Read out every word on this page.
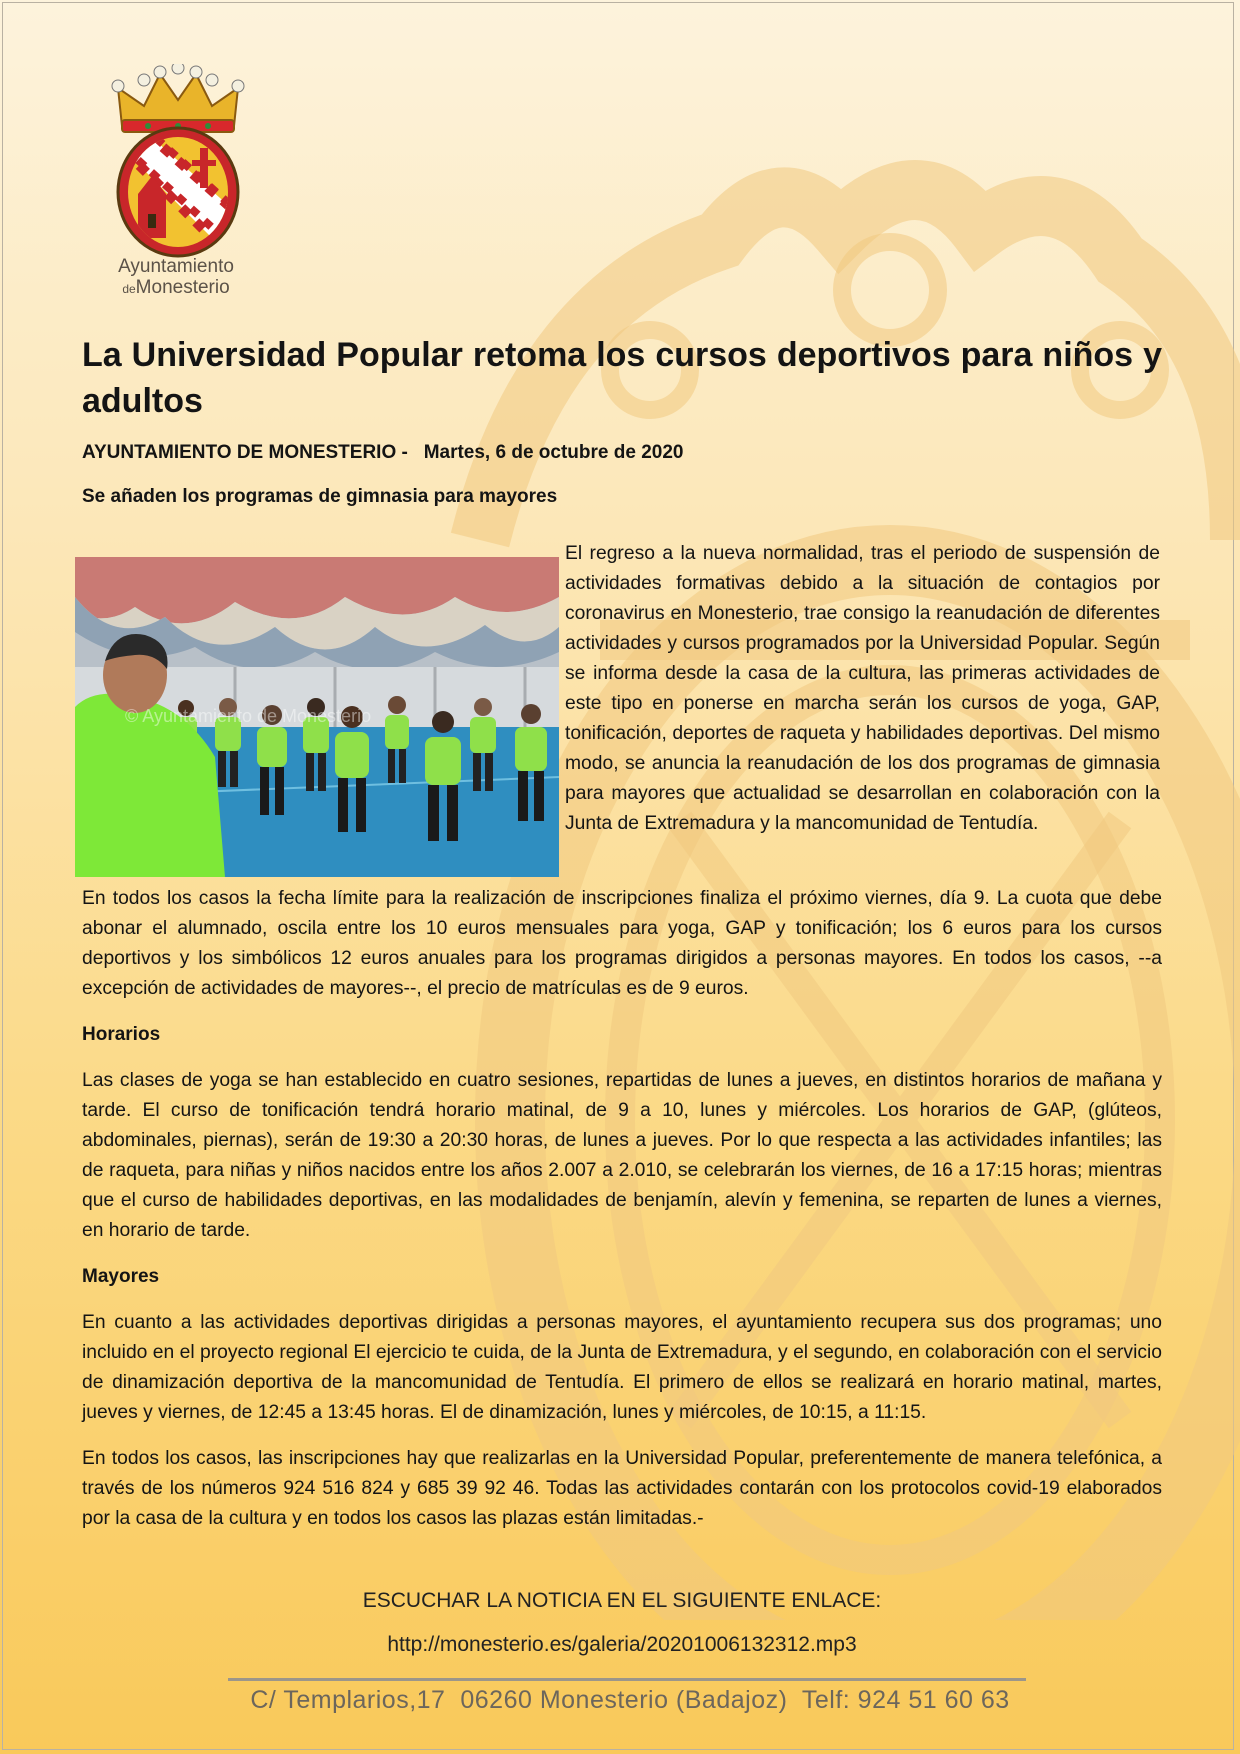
Ayuntamiento
deMonesterio
La Universidad Popular retoma los cursos deportivos para niños y adultos
AYUNTAMIENTO DE MONESTERIO - Martes, 6 de octubre de 2020
Se añaden los programas de gimnasia para mayores
© Ayuntamiento de Monesterio

El regreso a la nueva normalidad, tras el periodo de suspensión de actividades formativas debido a la situación de contagios por coronavirus en Monesterio, trae consigo la reanudación de diferentes actividades y cursos programados por la Universidad Popular. Según se informa desde la casa de la cultura, las primeras actividades de este tipo en ponerse en marcha serán los cursos de yoga, GAP, tonificación, deportes de raqueta y habilidades deportivas. Del mismo modo, se anuncia la reanudación de los dos programas de gimnasia para mayores que actualidad se desarrollan en colaboración con la Junta de Extremadura y la mancomunidad de Tentudía.

En todos los casos la fecha límite para la realización de inscripciones finaliza el próximo viernes, día 9. La cuota que debe abonar el alumnado, oscila entre los 10 euros mensuales para yoga, GAP y tonificación; los 6 euros para los cursos deportivos y los simbólicos 12 euros anuales para los programas dirigidos a personas mayores. En todos los casos, --a excepción de actividades de mayores--, el precio de matrículas es de 9 euros.

Horarios

Las clases de yoga se han establecido en cuatro sesiones, repartidas de lunes a jueves, en distintos horarios de mañana y tarde. El curso de tonificación tendrá horario matinal, de 9 a 10, lunes y miércoles. Los horarios de GAP, (glúteos, abdominales, piernas), serán de 19:30 a 20:30 horas, de lunes a jueves. Por lo que respecta a las actividades infantiles; las de raqueta, para niñas y niños nacidos entre los años 2.007 a 2.010, se celebrarán los viernes, de 16 a 17:15 horas; mientras que el curso de habilidades deportivas, en las modalidades de benjamín, alevín y femenina, se reparten de lunes a viernes, en horario de tarde.

Mayores

En cuanto a las actividades deportivas dirigidas a personas mayores, el ayuntamiento recupera sus dos programas; uno incluido en el proyecto regional El ejercicio te cuida, de la Junta de Extremadura, y el segundo, en colaboración con el servicio de dinamización deportiva de la mancomunidad de Tentudía. El primero de ellos se realizará en horario matinal, martes, jueves y viernes, de 12:45 a 13:45 horas. El de dinamización, lunes y miércoles, de 10:15, a 11:15.

En todos los casos, las inscripciones hay que realizarlas en la Universidad Popular, preferentemente de manera telefónica, a través de los números 924 516 824 y 685 39 92 46. Todas las actividades contarán con los protocolos covid-19 elaborados por la casa de la cultura y en todos los casos las plazas están limitadas.-

ESCUCHAR LA NOTICIA EN EL SIGUIENTE ENLACE:
http://monesterio.es/galeria/20201006132312.mp3
C/ Templarios,17  06260 Monesterio (Badajoz)  Telf: 924 51 60 63
